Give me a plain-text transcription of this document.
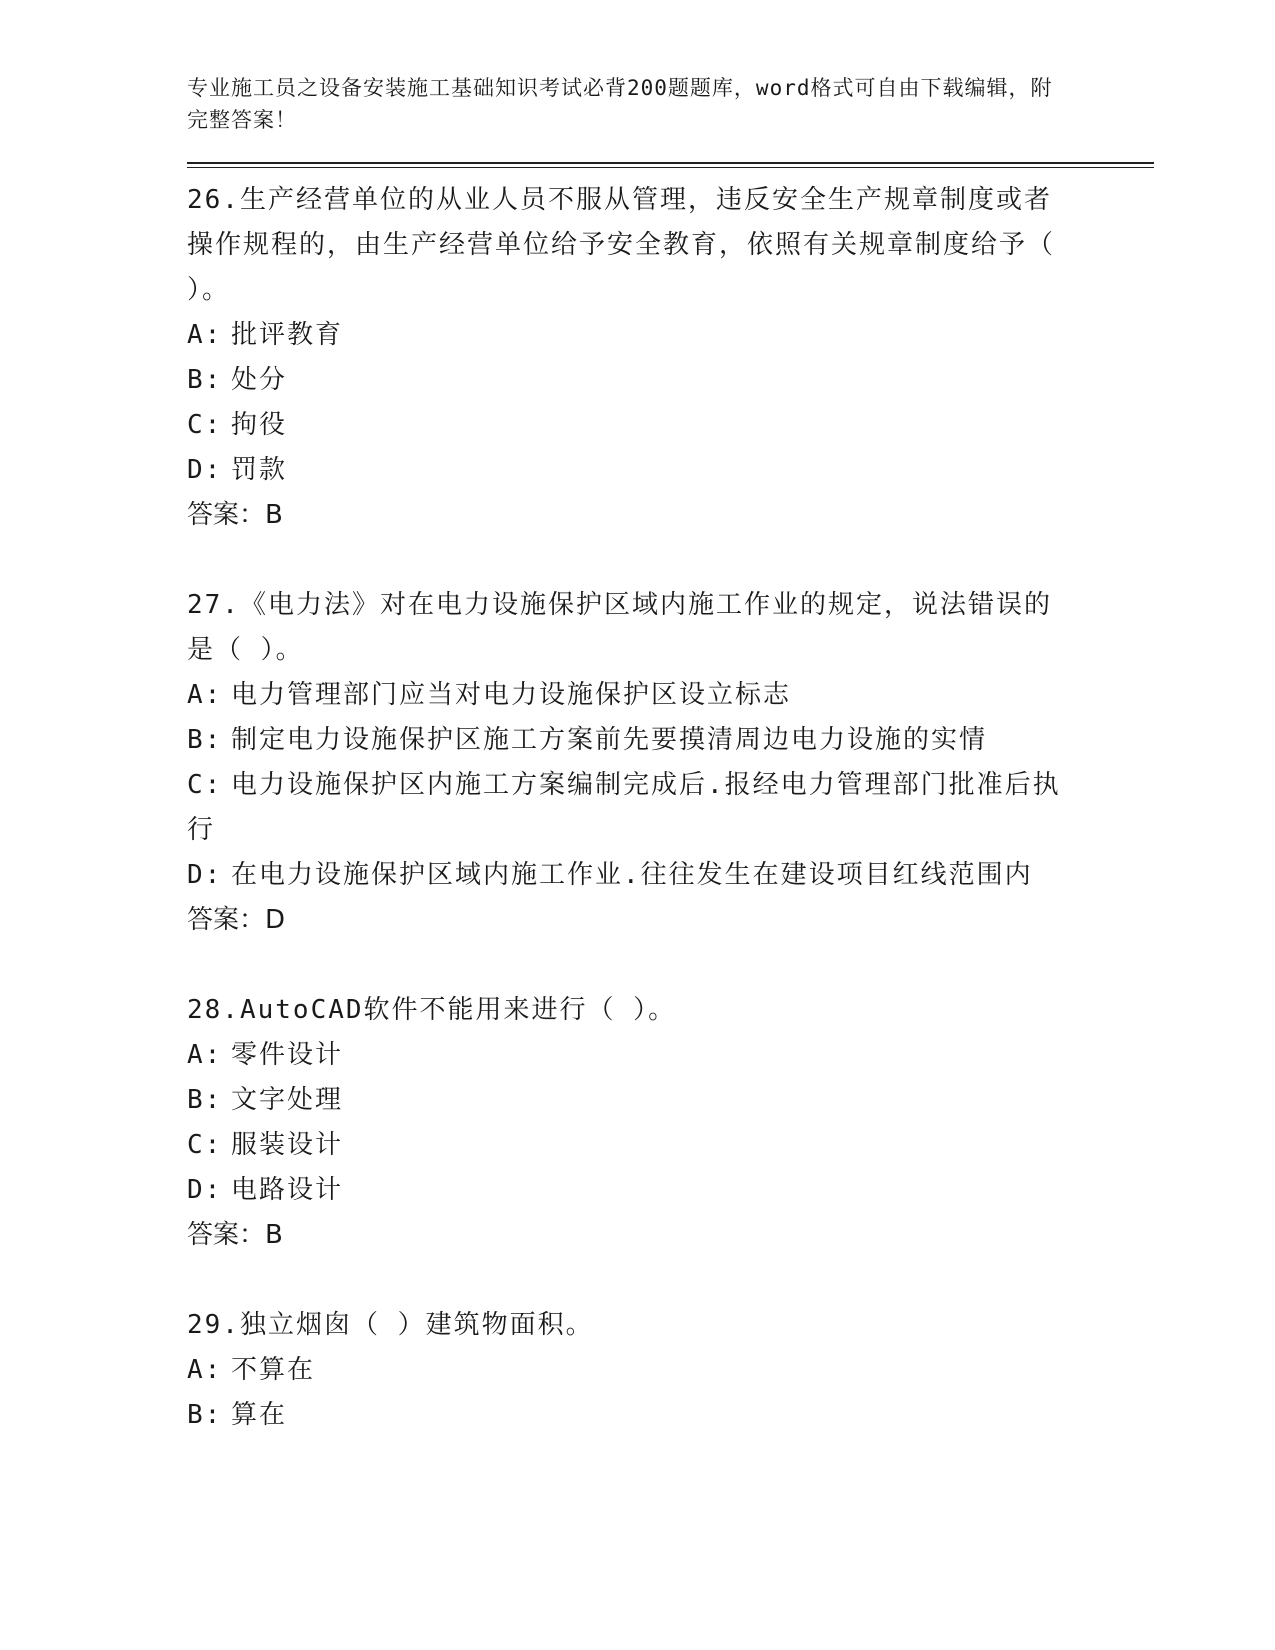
专业施工员之设备安装施工基础知识考试必背200题题库，word格式可自由下载编辑，附完整答案！
26.生产经营单位的从业人员不服从管理，违反安全生产规章制度或者操作规程的，由生产经营单位给予安全教育，依照有关规章制度给予（ ）。
A: 批评教育
B: 处分
C: 拘役
D: 罚款
答案：B
27.《电力法》对在电力设施保护区域内施工作业的规定，说法错误的是（ ）。
A: 电力管理部门应当对电力设施保护区设立标志
B: 制定电力设施保护区施工方案前先要摸清周边电力设施的实情
C: 电力设施保护区内施工方案编制完成后.报经电力管理部门批准后执行
D: 在电力设施保护区域内施工作业.往往发生在建设项目红线范围内
答案：D
28.AutoCAD软件不能用来进行（ ）。
A: 零件设计
B: 文字处理
C: 服装设计
D: 电路设计
答案：B
29.独立烟囱（ ）建筑物面积。
A: 不算在
B: 算在
